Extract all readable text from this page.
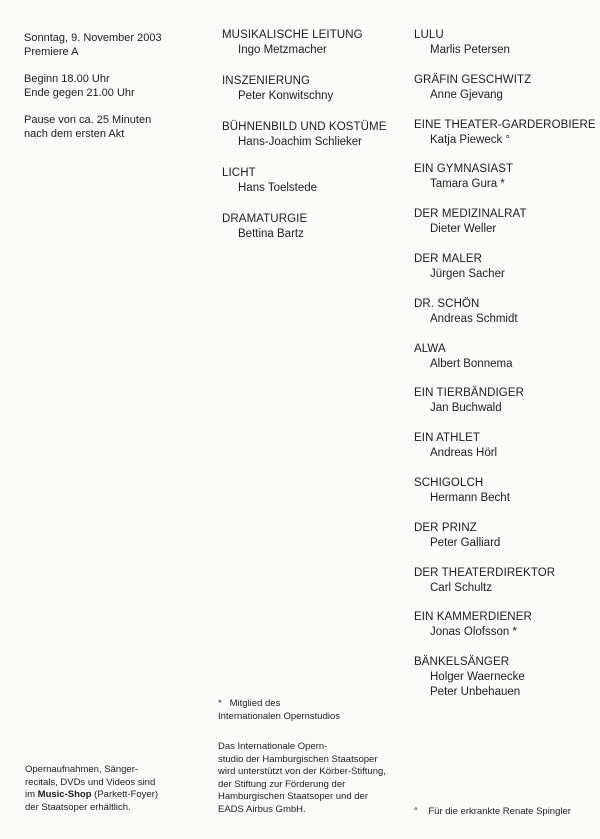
Sonntag, 9. November 2003
Premiere A
Beginn 18.00 Uhr
Ende gegen 21.00 Uhr
Pause von ca. 25 Minuten
nach dem ersten Akt
MUSIKALISCHE LEITUNG
Ingo Metzmacher
INSZENIERUNG
Peter Konwitschny
BÜHNENBILD UND KOSTÜME
Hans-Joachim Schlieker
LICHT
Hans Toelstede
DRAMATURGIE
Bettina Bartz
LULU
Marlis Petersen
GRÄFIN GESCHWITZ
Anne Gjevang
EINE THEATER-GARDEROBIERE
Katja Pieweck °
EIN GYMNASIAST
Tamara Gura *
DER MEDIZINALRAT
Dieter Weller
DER MALER
Jürgen Sacher
DR. SCHÖN
Andreas Schmidt
ALWA
Albert Bonnema
EIN TIERBÄNDIGER
Jan Buchwald
EIN ATHLET
Andreas Hörl
SCHIGOLCH
Hermann Becht
DER PRINZ
Peter Galliard
DER THEATERDIREKTOR
Carl Schultz
EIN KAMMERDIENER
Jonas Olofsson *
BÄNKELSÄNGER
Holger Waernecke
Peter Unbehauen
* Mitglied des
Internationalen Opernstudios
Das Internationale Opern-
studio der Hamburgischen Staatsoper
wird unterstützt von der Körber-Stiftung,
der Stiftung zur Förderung der
Hamburgischen Staatsoper und der
EADS Airbus GmbH.	°    Für die erkrankte Renate Spingler
Opernaufnahmen, Sänger-
recitals, DVDs und Videos sind
im Music-Shop (Parkett-Foyer)
der Staatsoper erhältlich.
